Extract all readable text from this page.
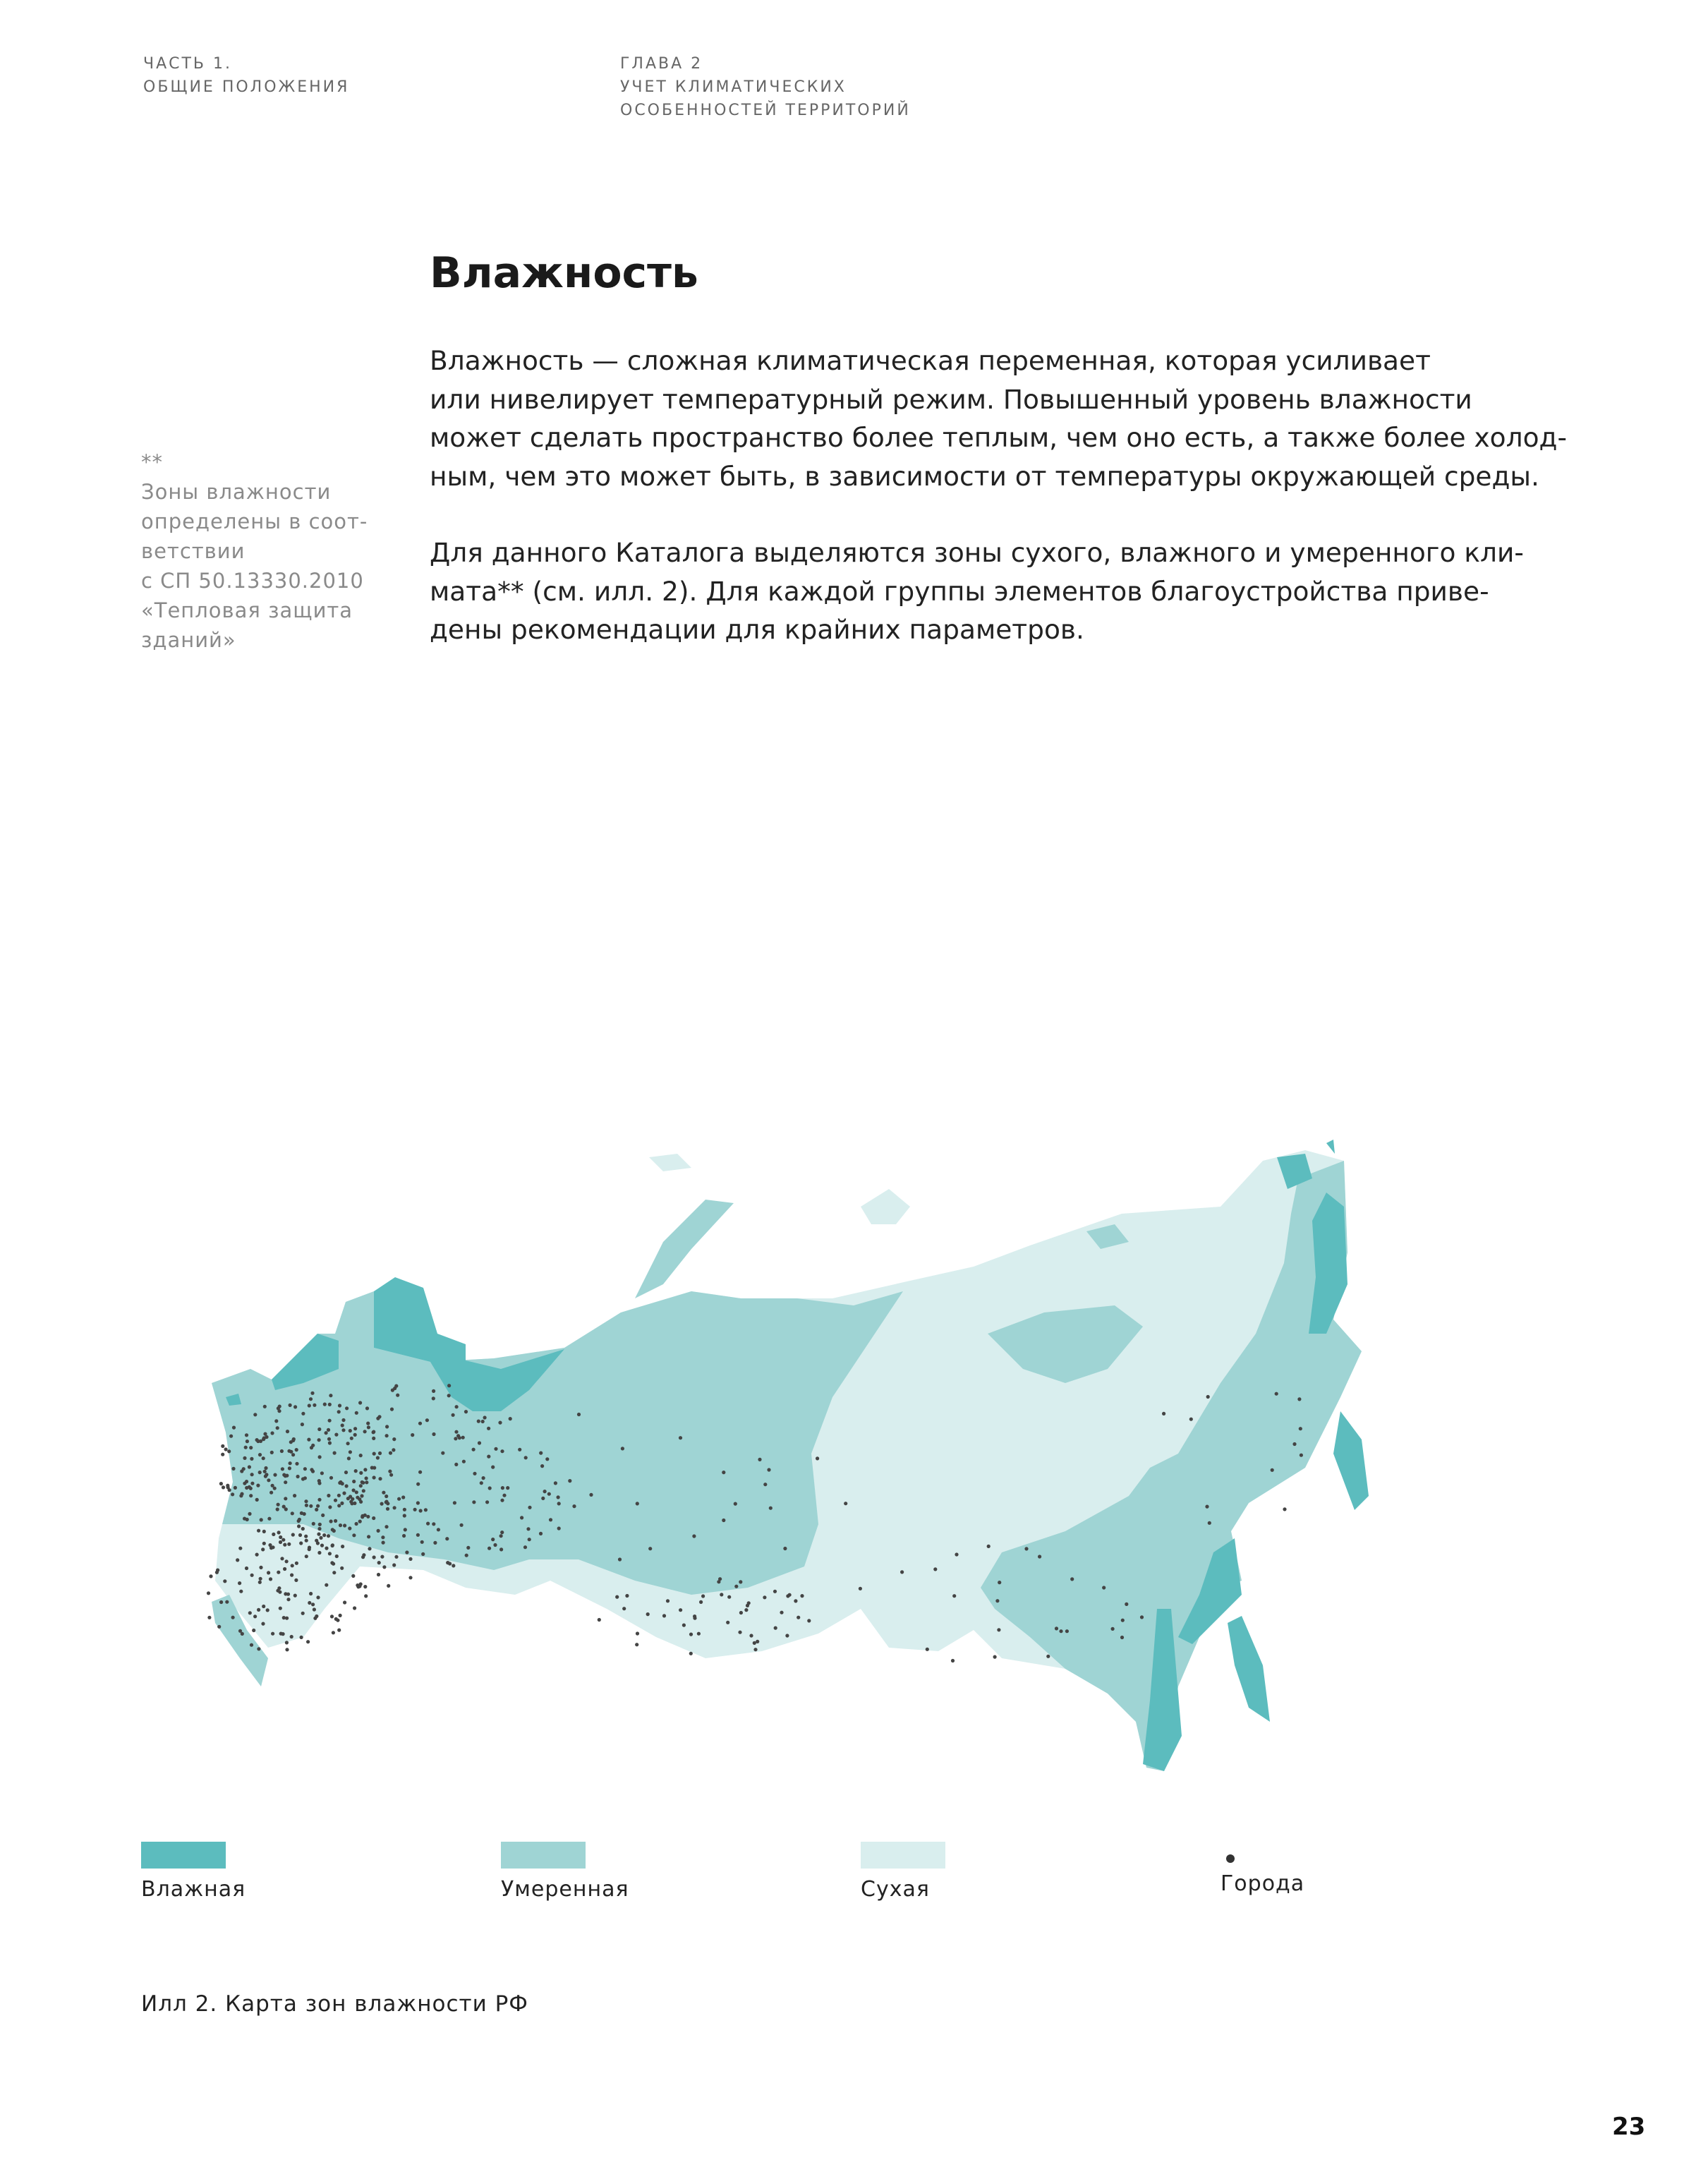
ЧАСТЬ 1.
ОБЩИЕ ПОЛОЖЕНИЯ
ГЛАВА 2
УЧЕТ КЛИМАТИЧЕСКИХ
ОСОБЕННОСТЕЙ ТЕРРИТОРИЙ
Влажность
Влажность — сложная климатическая переменная, которая усиливает
или нивелирует температурный режим. Повышенный уровень влажности
может сделать пространство более теплым, чем оно есть, а также более холод-
ным, чем это может быть, в зависимости от температуры окружающей среды.
Для данного Каталога выделяются зоны сухого, влажного и умеренного кли-
мата** (см. илл. 2). Для каждой группы элементов благоустройства приве-
дены рекомендации для крайних параметров.
**
Зоны влажности
определены в соот-
ветствии
с СП 50.13330.2010
«Тепловая защита
зданий»
Влажная	Умеренная	Сухая	Города
Илл 2. Карта зон влажности РФ
23
